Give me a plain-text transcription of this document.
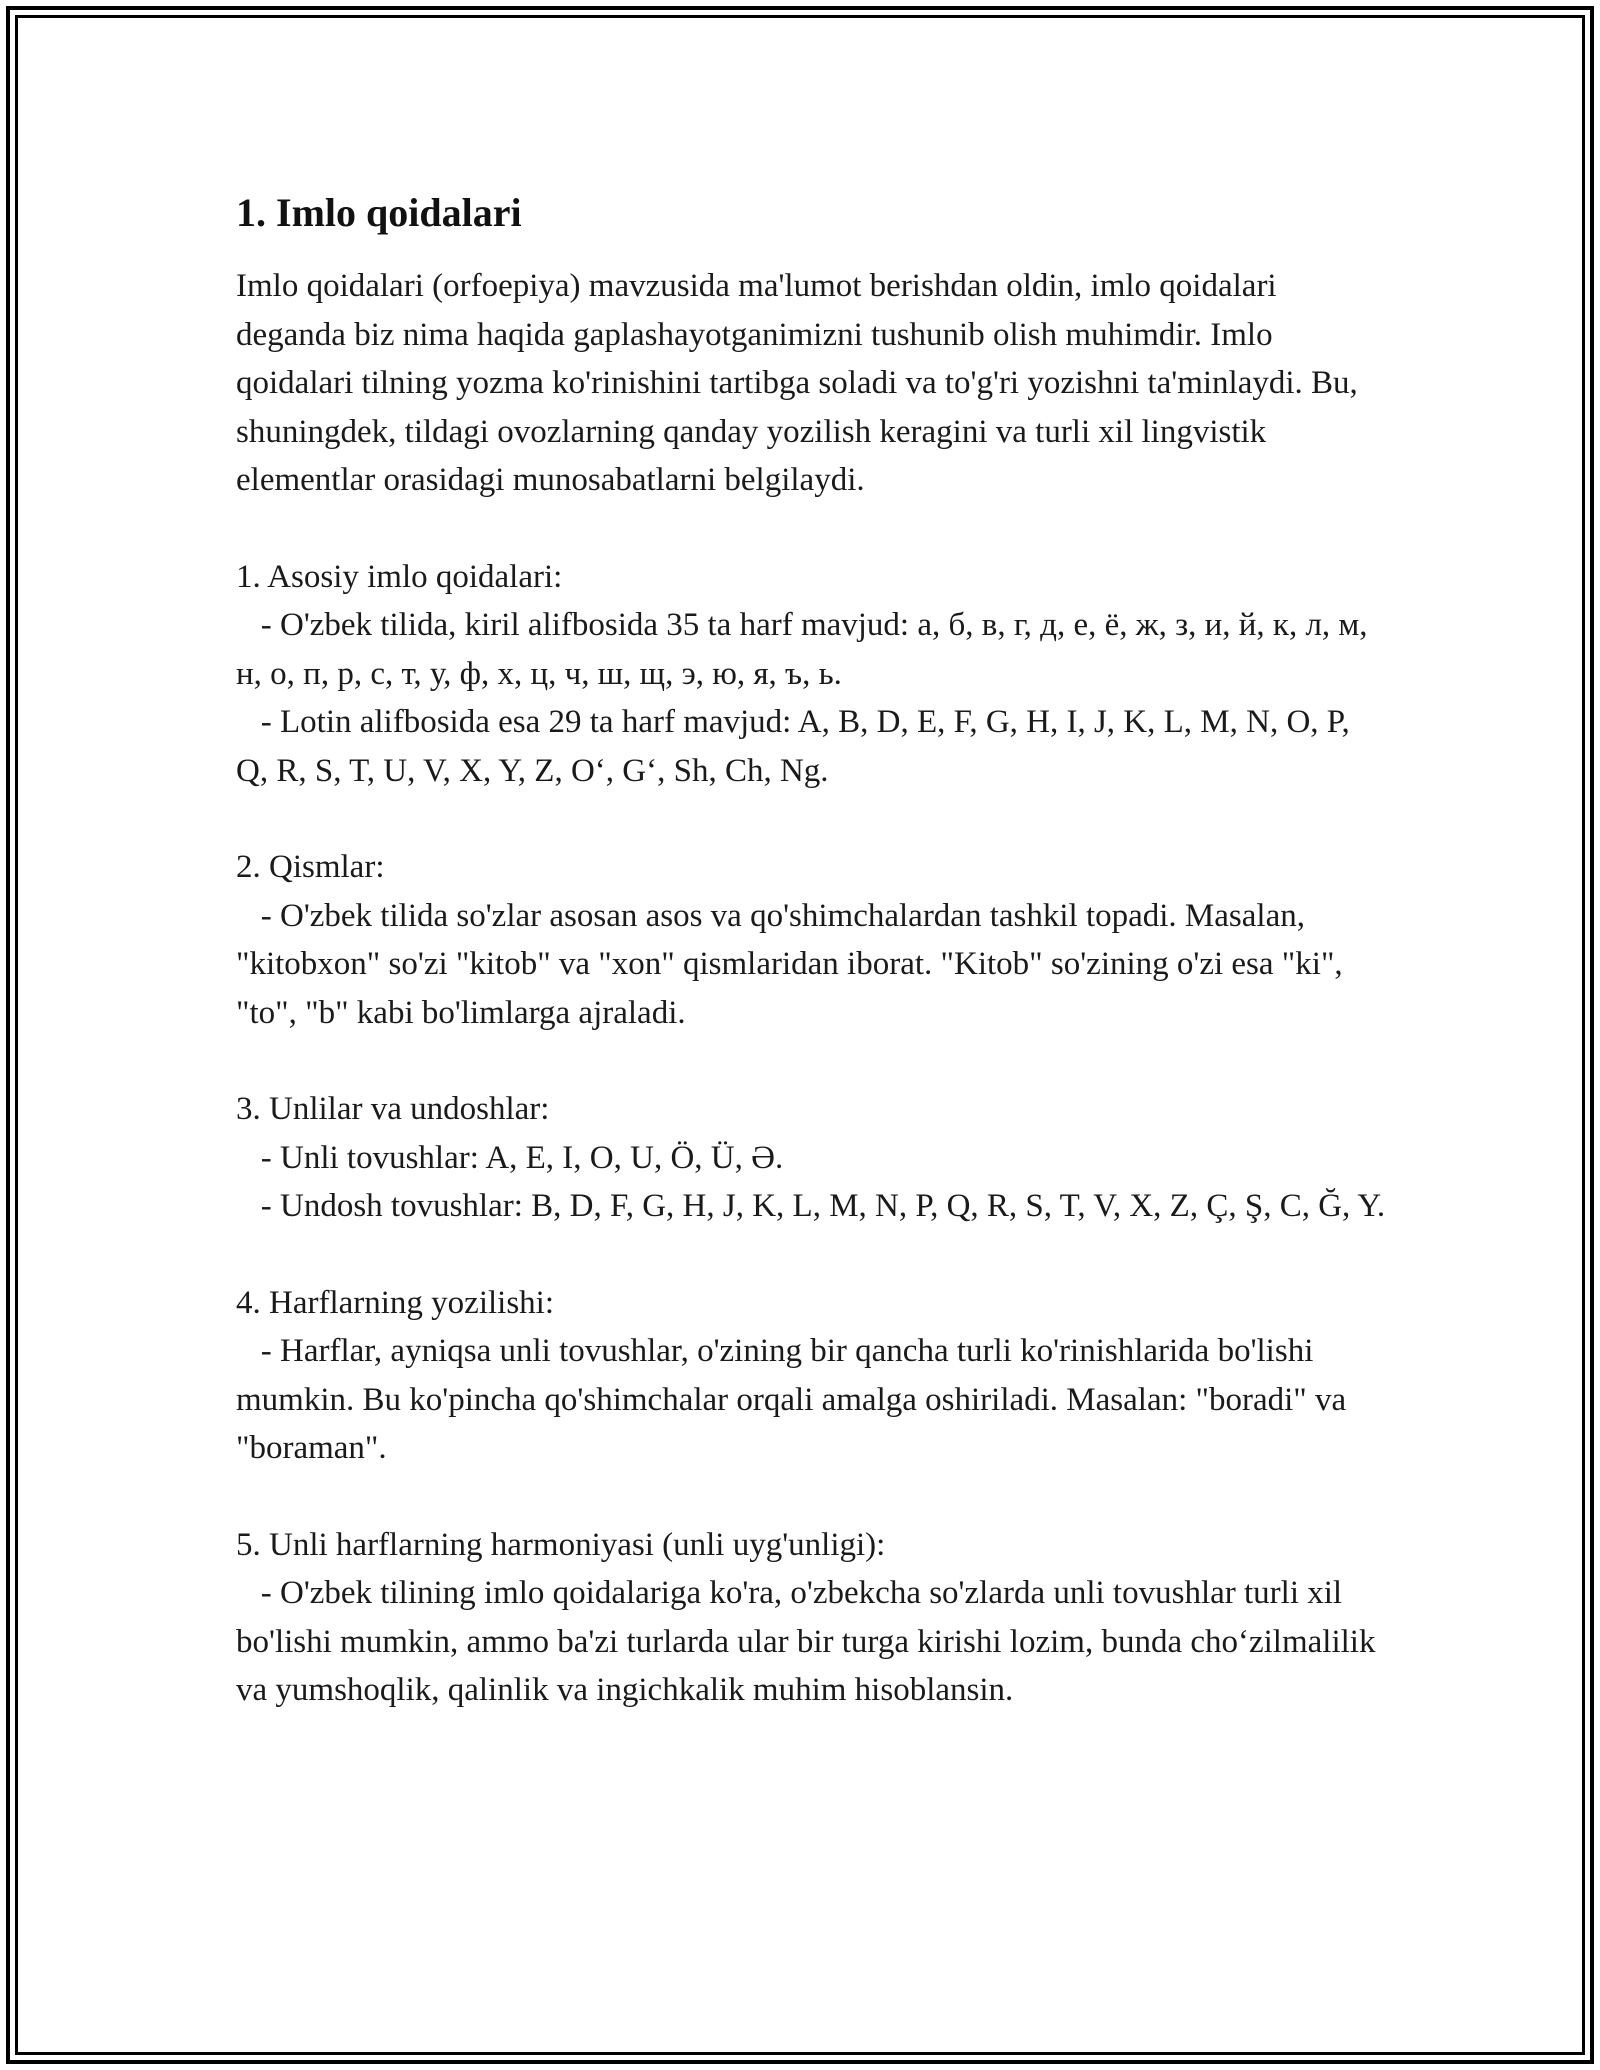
1. Imlo qoidalari

Imlo qoidalari (orfoepiya) mavzusida ma'lumot berishdan oldin, imlo qoidalari deganda biz nima haqida gaplashayotganimizni tushunib olish muhimdir. Imlo qoidalari tilning yozma ko'rinishini tartibga soladi va to'g'ri yozishni ta'minlaydi. Bu, shuningdek, tildagi ovozlarning qanday yozilish keragini va turli xil lingvistik elementlar orasidagi munosabatlarni belgilaydi.

1. Asosiy imlo qoidalari:
- O'zbek tilida, kiril alifbosida 35 ta harf mavjud: а, б, в, г, д, е, ё, ж, з, и, й, к, л, м, н, о, п, р, с, т, у, ф, х, ц, ч, ш, щ, э, ю, я, ъ, ь.
- Lotin alifbosida esa 29 ta harf mavjud: A, B, D, E, F, G, H, I, J, K, L, M, N, O, P, Q, R, S, T, U, V, X, Y, Z, O‘, G‘, Sh, Ch, Ng.
2. Qismlar:
- O'zbek tilida so'zlar asosan asos va qo'shimchalardan tashkil topadi. Masalan, "kitobxon" so'zi "kitob" va "xon" qismlaridan iborat. "Kitob" so'zining o'zi esa "ki", "to", "b" kabi bo'limlarga ajraladi.
3. Unlilar va undoshlar:
- Unli tovushlar: A, E, I, O, U, Ö, Ü, Ə.
- Undosh tovushlar: B, D, F, G, H, J, K, L, M, N, P, Q, R, S, T, V, X, Z, Ç, Ş, C, Ğ, Y.
4. Harflarning yozilishi:
- Harflar, ayniqsa unli tovushlar, o'zining bir qancha turli ko'rinishlarida bo'lishi mumkin. Bu ko'pincha qo'shimchalar orqali amalga oshiriladi. Masalan: "boradi" va "boraman".
5. Unli harflarning harmoniyasi (unli uyg'unligi):
- O'zbek tilining imlo qoidalariga ko'ra, o'zbekcha so'zlarda unli tovushlar turli xil bo'lishi mumkin, ammo ba'zi turlarda ular bir turga kirishi lozim, bunda cho‘zilmalilik va yumshoqlik, qalinlik va ingichkalik muhim hisoblansin.
